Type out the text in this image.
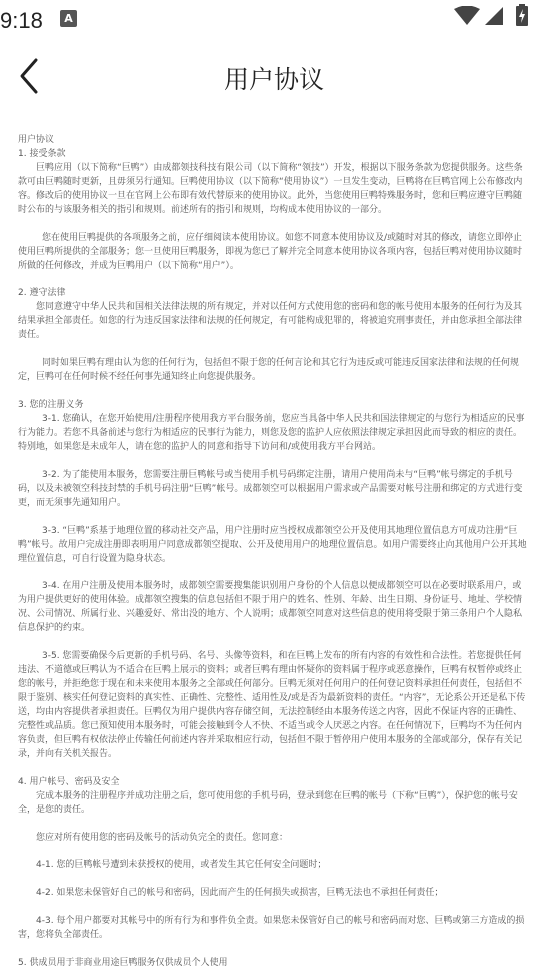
9:18	A
用户协议

用户协议

1. 接受条款

巨鸭应用（以下简称“巨鸭”）由成都领技科技有限公司（以下简称“领技”）开发，根据以下服务条款为您提供服务。这些条款可由巨鸭随时更新，且毋须另行通知。巨鸭使用协议（以下简称“使用协议”）一旦发生变动，巨鸭将在巨鸭官网上公布修改内容。修改后的使用协议一旦在官网上公布即有效代替原来的使用协议。此外，当您使用巨鸭特殊服务时，您和巨鸭应遵守巨鸭随时公布的与该服务相关的指引和规则。前述所有的指引和规则，均构成本使用协议的一部分。

您在使用巨鸭提供的各项服务之前，应仔细阅读本使用协议。如您不同意本使用协议及/或随时对其的修改，请您立即停止使用巨鸭所提供的全部服务；您一旦使用巨鸭服务，即视为您已了解并完全同意本使用协议各项内容，包括巨鸭对使用协议随时所做的任何修改，并成为巨鸭用户（以下简称“用户”）。

2. 遵守法律

您同意遵守中华人民共和国相关法律法规的所有规定，并对以任何方式使用您的密码和您的帐号使用本服务的任何行为及其结果承担全部责任。如您的行为违反国家法律和法规的任何规定，有可能构成犯罪的，将被追究刑事责任，并由您承担全部法律责任。

同时如果巨鸭有理由认为您的任何行为，包括但不限于您的任何言论和其它行为违反或可能违反国家法律和法规的任何规定，巨鸭可在任何时候不经任何事先通知终止向您提供服务。

3. 您的注册义务

3-1. 您确认，在您开始使用/注册程序使用我方平台服务前，您应当具备中华人民共和国法律规定的与您行为相适应的民事行为能力。若您不具备前述与您行为相适应的民事行为能力，则您及您的监护人应依照法律规定承担因此而导致的相应的责任。特别地，如果您是未成年人，请在您的监护人的同意和指导下访问和/或使用我方平台网站。

3-2. 为了能使用本服务，您需要注册巨鸭帐号或当使用手机号码绑定注册，请用户使用尚未与“巨鸭”帐号绑定的手机号码，以及未被领空科技封禁的手机号码注册“巨鸭”帐号。成都领空可以根据用户需求或产品需要对帐号注册和绑定的方式进行变更，而无须事先通知用户。

3-3. “巨鸭”系基于地理位置的移动社交产品，用户注册时应当授权成都领空公开及使用其地理位置信息方可成功注册“巨鸭”帐号。故用户完成注册即表明用户同意成都领空提取、公开及使用用户的地理位置信息。如用户需要终止向其他用户公开其地理位置信息，可自行设置为隐身状态。

3-4. 在用户注册及使用本服务时，成都领空需要搜集能识别用户身份的个人信息以便成都领空可以在必要时联系用户，或为用户提供更好的使用体验。成都领空搜集的信息包括但不限于用户的姓名、性别、年龄、出生日期、身份证号、地址、学校情况、公司情况、所属行业、兴趣爱好、常出没的地方、个人说明；成都领空同意对这些信息的使用将受限于第三条用户个人隐私信息保护的约束。

3-5. 您需要确保今后更新的手机号码、名号、头像等资料，和在巨鸭上发布的所有内容的有效性和合法性。若您提供任何违法、不道德或巨鸭认为不适合在巨鸭上展示的资料；或者巨鸭有理由怀疑你的资料属于程序或恶意操作，巨鸭有权暂停或终止您的帐号，并拒绝您于现在和未来使用本服务之全部或任何部分。巨鸭无须对任何用户的任何登记资料承担任何责任，包括但不限于鉴别、核实任何登记资料的真实性、正确性、完整性、适用性及/或是否为最新资料的责任。“内容”，无论系公开还是私下传送，均由内容提供者承担责任。巨鸭仅为用户提供内容存储空间，无法控制经由本服务传送之内容，因此不保证内容的正确性、完整性或品质。您已预知使用本服务时，可能会接触到令人不快、不适当或令人厌恶之内容。在任何情况下，巨鸭均不为任何内容负责，但巨鸭有权依法停止传输任何前述内容并采取相应行动，包括但不限于暂停用户使用本服务的全部或部分，保存有关记录，并向有关机关报告。

4. 用户帐号、密码及安全

完成本服务的注册程序并成功注册之后，您可使用您的手机号码，登录到您在巨鸭的帐号（下称“巨鸭”），保护您的帐号安全，是您的责任。

您应对所有使用您的密码及帐号的活动负完全的责任。您同意：

4-1. 您的巨鸭帐号遭到未获授权的使用，或者发生其它任何安全问题时；

4-2. 如果您未保管好自己的帐号和密码，因此而产生的任何损失或损害，巨鸭无法也不承担任何责任；

4-3. 每个用户都要对其帐号中的所有行为和事件负全责。如果您未保管好自己的帐号和密码而对您、巨鸭或第三方造成的损害，您将负全部责任。

5. 供成员用于非商业用途巨鸭服务仅供成员个人使用
